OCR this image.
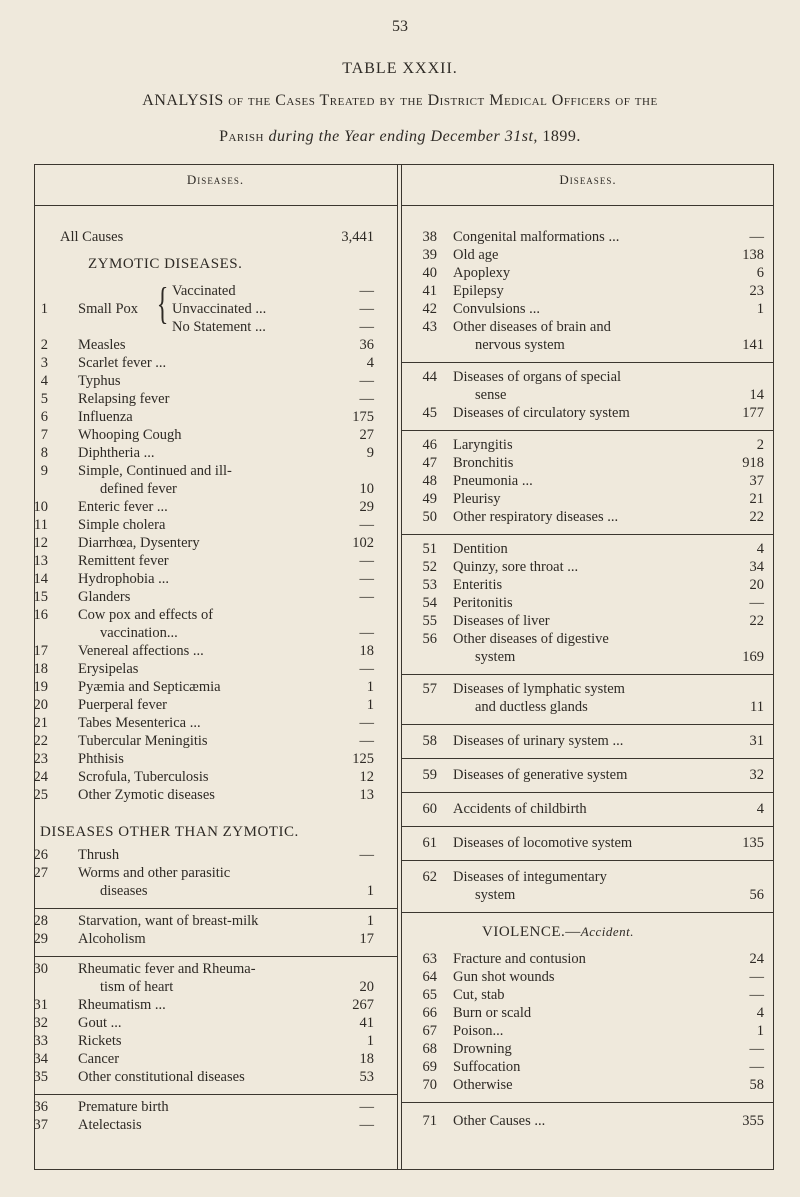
53
TABLE XXXII.
ANALYSIS of the Cases Treated by the District Medical Officers of the
Parish during the Year ending December 31st, 1899.
Diseases.	Diseases.
All Causes	3,441
ZYMOTIC DISEASES.
1 Small Pox { Vaccinated	—
Unvaccinated ...	—
No Statement ...	—
2 Measles	36
3 Scarlet fever ...	4
4 Typhus	—
5 Relapsing fever	—
6 Influenza	175
7 Whooping Cough	27
8 Diphtheria ...	9
9 Simple, Continued and ill-
defined fever	10
10 Enteric fever ...	29
11 Simple cholera	—
12 Diarrhœa, Dysentery	102
13 Remittent fever	—
14 Hydrophobia ...	—
15 Glanders	—
16 Cow pox and effects of
vaccination...	—
17 Venereal affections ...	18
18 Erysipelas	—
19 Pyæmia and Septicæmia	1
20 Puerperal fever	1
21 Tabes Mesenterica ...	—
22 Tubercular Meningitis	—
23 Phthisis	125
24 Scrofula, Tuberculosis	12
25 Other Zymotic diseases	13
DISEASES OTHER THAN ZYMOTIC.
26 Thrush	—
27 Worms and other parasitic
diseases	1
28 Starvation, want of breast-milk	1
29 Alcoholism	17
30 Rheumatic fever and Rheuma-
tism of heart	20
31 Rheumatism ...	267
32 Gout ...	41
33 Rickets	1
34 Cancer	18
35 Other constitutional diseases	53
36 Premature birth	—
37 Atelectasis	—
38 Congenital malformations ...	—
39 Old age	138
40 Apoplexy	6
41 Epilepsy	23
42 Convulsions ...	1
43 Other diseases of brain and
nervous system	141
44 Diseases of organs of special
sense	14
45 Diseases of circulatory system	177
46 Laryngitis	2
47 Bronchitis	918
48 Pneumonia ...	37
49 Pleurisy	21
50 Other respiratory diseases ...	22
51 Dentition	4
52 Quinzy, sore throat ...	34
53 Enteritis	20
54 Peritonitis	—
55 Diseases of liver	22
56 Other diseases of digestive
system	169
57 Diseases of lymphatic system
and ductless glands	11
58 Diseases of urinary system ...	31
59 Diseases of generative system	32
60 Accidents of childbirth	4
61 Diseases of locomotive system	135
62 Diseases of integumentary
system	56
VIOLENCE.—Accident.
63 Fracture and contusion	24
64 Gun shot wounds	—
65 Cut, stab	—
66 Burn or scald	4
67 Poison...	1
68 Drowning	—
69 Suffocation	—
70 Otherwise	58
71 Other Causes ...	355
